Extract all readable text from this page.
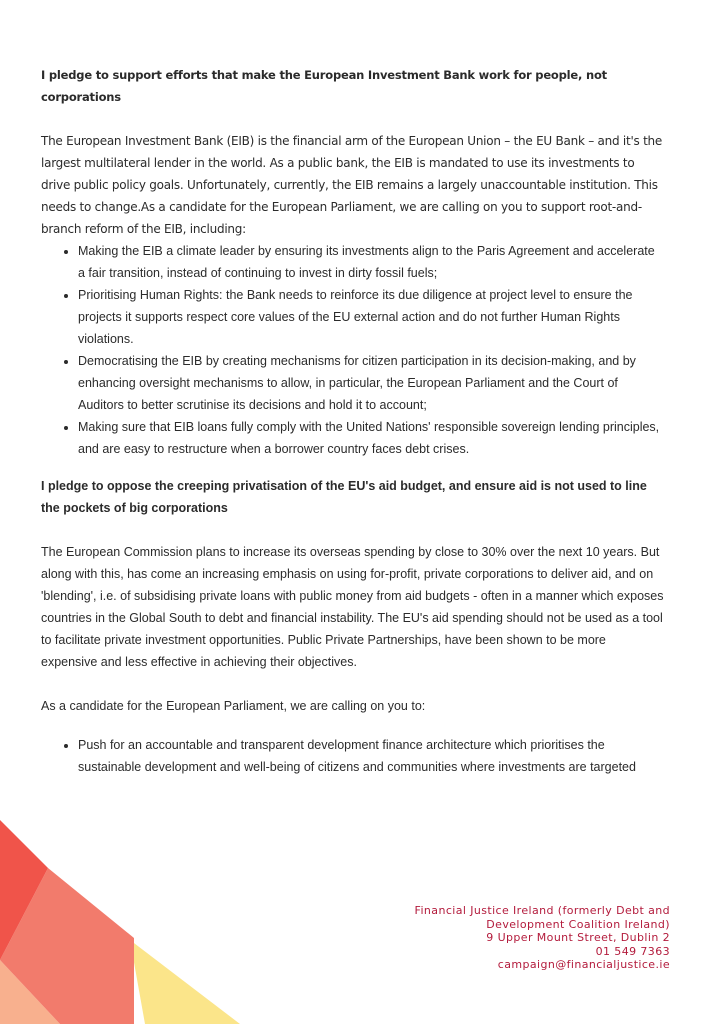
I pledge to support efforts that make the European Investment Bank work for people, not corporations

The European Investment Bank (EIB) is the financial arm of the European Union – the EU Bank – and it's the largest multilateral lender in the world. As a public bank, the EIB is mandated to use its investments to drive public policy goals. Unfortunately, currently, the EIB remains a largely unaccountable institution. This needs to change.As a candidate for the European Parliament, we are calling on you to support root-and-branch reform of the EIB, including:

• Making the EIB a climate leader by ensuring its investments align to the Paris Agreement and accelerate a fair transition, instead of continuing to invest in dirty fossil fuels;
• Prioritising Human Rights: the Bank needs to reinforce its due diligence at project level to ensure the projects it supports respect core values of the EU external action and do not further Human Rights violations.
• Democratising the EIB by creating mechanisms for citizen participation in its decision-making, and by enhancing oversight mechanisms to allow, in particular, the European Parliament and the Court of Auditors to better scrutinise its decisions and hold it to account;
• Making sure that EIB loans fully comply with the United Nations' responsible sovereign lending principles, and are easy to restructure when a borrower country faces debt crises.

I pledge to oppose the creeping privatisation of the EU's aid budget, and ensure aid is not used to line the pockets of big corporations

The European Commission plans to increase its overseas spending by close to 30% over the next 10 years. But along with this, has come an increasing emphasis on using for-profit, private corporations to deliver aid, and on 'blending', i.e. of subsidising private loans with public money from aid budgets - often in a manner which exposes countries in the Global South to debt and financial instability. The EU's aid spending should not be used as a tool to facilitate private investment opportunities. Public Private Partnerships, have been shown to be more expensive and less effective in achieving their objectives.

As a candidate for the European Parliament, we are calling on you to:

• Push for an accountable and transparent development finance architecture which prioritises the sustainable development and well-being of citizens and communities where investments are targeted
Financial Justice Ireland (formerly Debt and
Development Coalition Ireland)
9 Upper Mount Street, Dublin 2
01 549 7363
campaign@financialjustice.ie
